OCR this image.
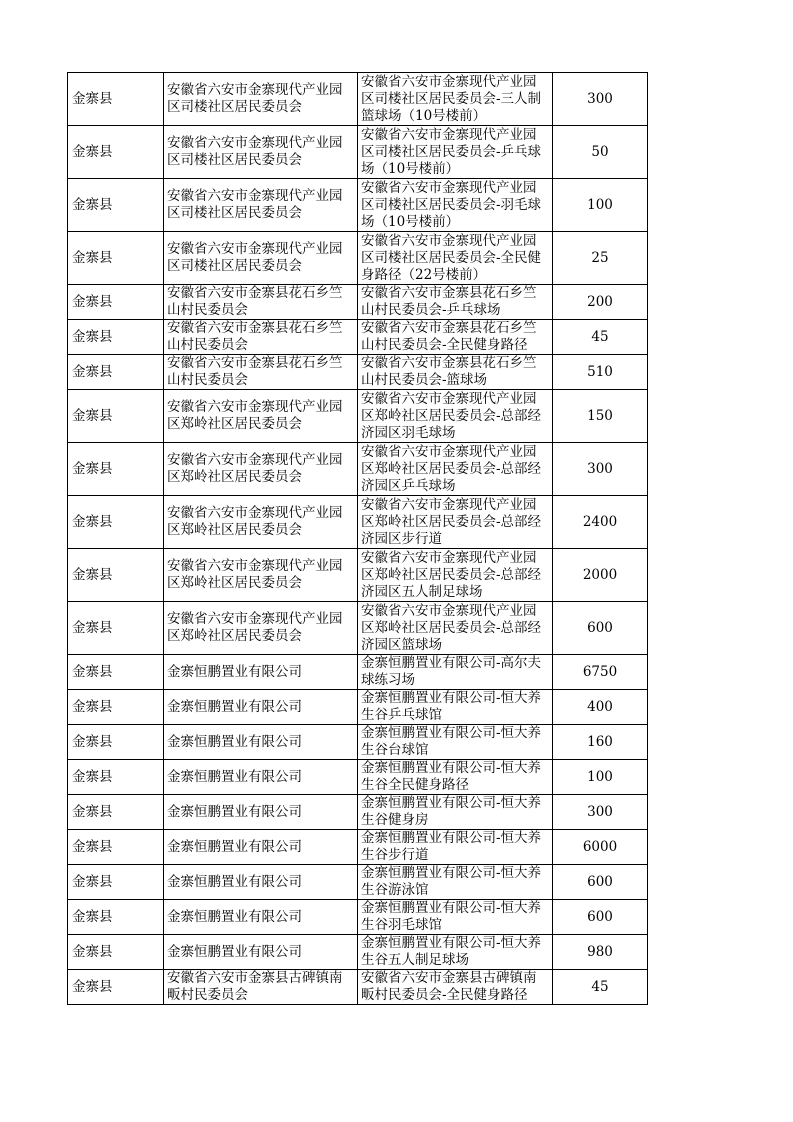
金寨县	安徽省六安市金寨现代产业园区司楼社区居民委员会	安徽省六安市金寨现代产业园区司楼社区居民委员会-三人制篮球场（10号楼前）	300
金寨县	安徽省六安市金寨现代产业园区司楼社区居民委员会	安徽省六安市金寨现代产业园区司楼社区居民委员会-乒乓球场（10号楼前）	50
金寨县	安徽省六安市金寨现代产业园区司楼社区居民委员会	安徽省六安市金寨现代产业园区司楼社区居民委员会-羽毛球场（10号楼前）	100
金寨县	安徽省六安市金寨现代产业园区司楼社区居民委员会	安徽省六安市金寨现代产业园区司楼社区居民委员会-全民健身路径（22号楼前）	25
金寨县	安徽省六安市金寨县花石乡竺山村民委员会	安徽省六安市金寨县花石乡竺山村民委员会-乒乓球场	200
金寨县	安徽省六安市金寨县花石乡竺山村民委员会	安徽省六安市金寨县花石乡竺山村民委员会-全民健身路径	45
金寨县	安徽省六安市金寨县花石乡竺山村民委员会	安徽省六安市金寨县花石乡竺山村民委员会-篮球场	510
金寨县	安徽省六安市金寨现代产业园区郑岭社区居民委员会	安徽省六安市金寨现代产业园区郑岭社区居民委员会-总部经济园区羽毛球场	150
金寨县	安徽省六安市金寨现代产业园区郑岭社区居民委员会	安徽省六安市金寨现代产业园区郑岭社区居民委员会-总部经济园区乒乓球场	300
金寨县	安徽省六安市金寨现代产业园区郑岭社区居民委员会	安徽省六安市金寨现代产业园区郑岭社区居民委员会-总部经济园区步行道	2400
金寨县	安徽省六安市金寨现代产业园区郑岭社区居民委员会	安徽省六安市金寨现代产业园区郑岭社区居民委员会-总部经济园区五人制足球场	2000
金寨县	安徽省六安市金寨现代产业园区郑岭社区居民委员会	安徽省六安市金寨现代产业园区郑岭社区居民委员会-总部经济园区篮球场	600
金寨县	金寨恒鹏置业有限公司	金寨恒鹏置业有限公司-高尔夫球练习场	6750
金寨县	金寨恒鹏置业有限公司	金寨恒鹏置业有限公司-恒大养生谷乒乓球馆	400
金寨县	金寨恒鹏置业有限公司	金寨恒鹏置业有限公司-恒大养生谷台球馆	160
金寨县	金寨恒鹏置业有限公司	金寨恒鹏置业有限公司-恒大养生谷全民健身路径	100
金寨县	金寨恒鹏置业有限公司	金寨恒鹏置业有限公司-恒大养生谷健身房	300
金寨县	金寨恒鹏置业有限公司	金寨恒鹏置业有限公司-恒大养生谷步行道	6000
金寨县	金寨恒鹏置业有限公司	金寨恒鹏置业有限公司-恒大养生谷游泳馆	600
金寨县	金寨恒鹏置业有限公司	金寨恒鹏置业有限公司-恒大养生谷羽毛球馆	600
金寨县	金寨恒鹏置业有限公司	金寨恒鹏置业有限公司-恒大养生谷五人制足球场	980
金寨县	安徽省六安市金寨县古碑镇南畈村民委员会	安徽省六安市金寨县古碑镇南畈村民委员会-全民健身路径	45
